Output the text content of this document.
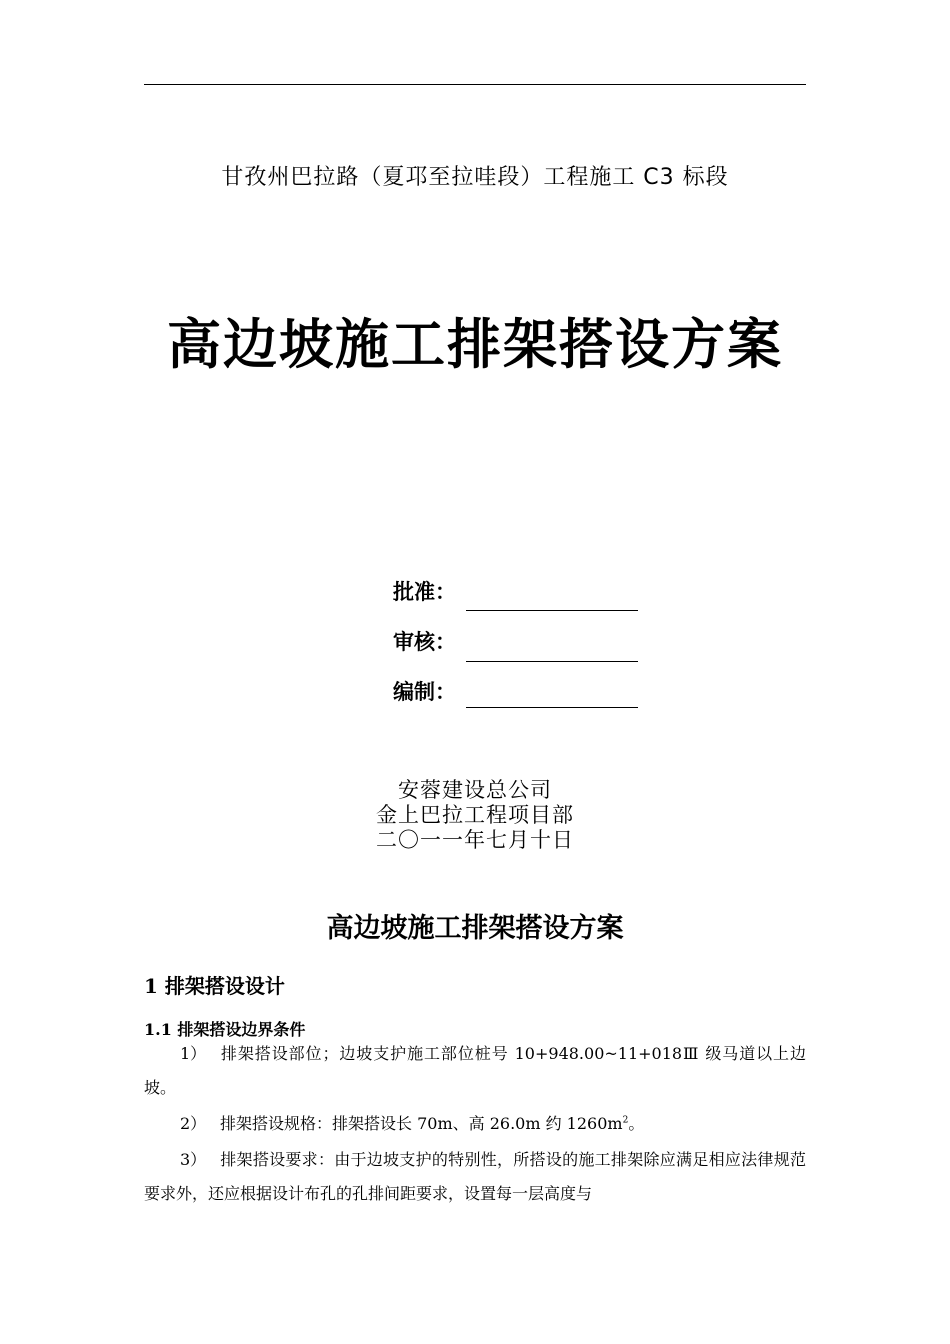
甘孜州巴拉路（夏邛至拉哇段）工程施工 C3 标段
高边坡施工排架搭设方案
批准：
审核：
编制：
安蓉建设总公司
金上巴拉工程项目部
二〇一一年七月十日
高边坡施工排架搭设方案
1 排架搭设设计
1.1 排架搭设边界条件
1） 排架搭设部位；边坡支护施工部位桩号 10+948.00~11+018Ⅲ 级马道以上边坡。
2） 排架搭设规格：排架搭设长 70m、高 26.0m 约 $1260m^2$。
3） 排架搭设要求：由于边坡支护的特别性，所搭设的施工排架除应满足相应法律规范要求外，还应根据设计布孔的孔排间距要求，设置每一层高度与
